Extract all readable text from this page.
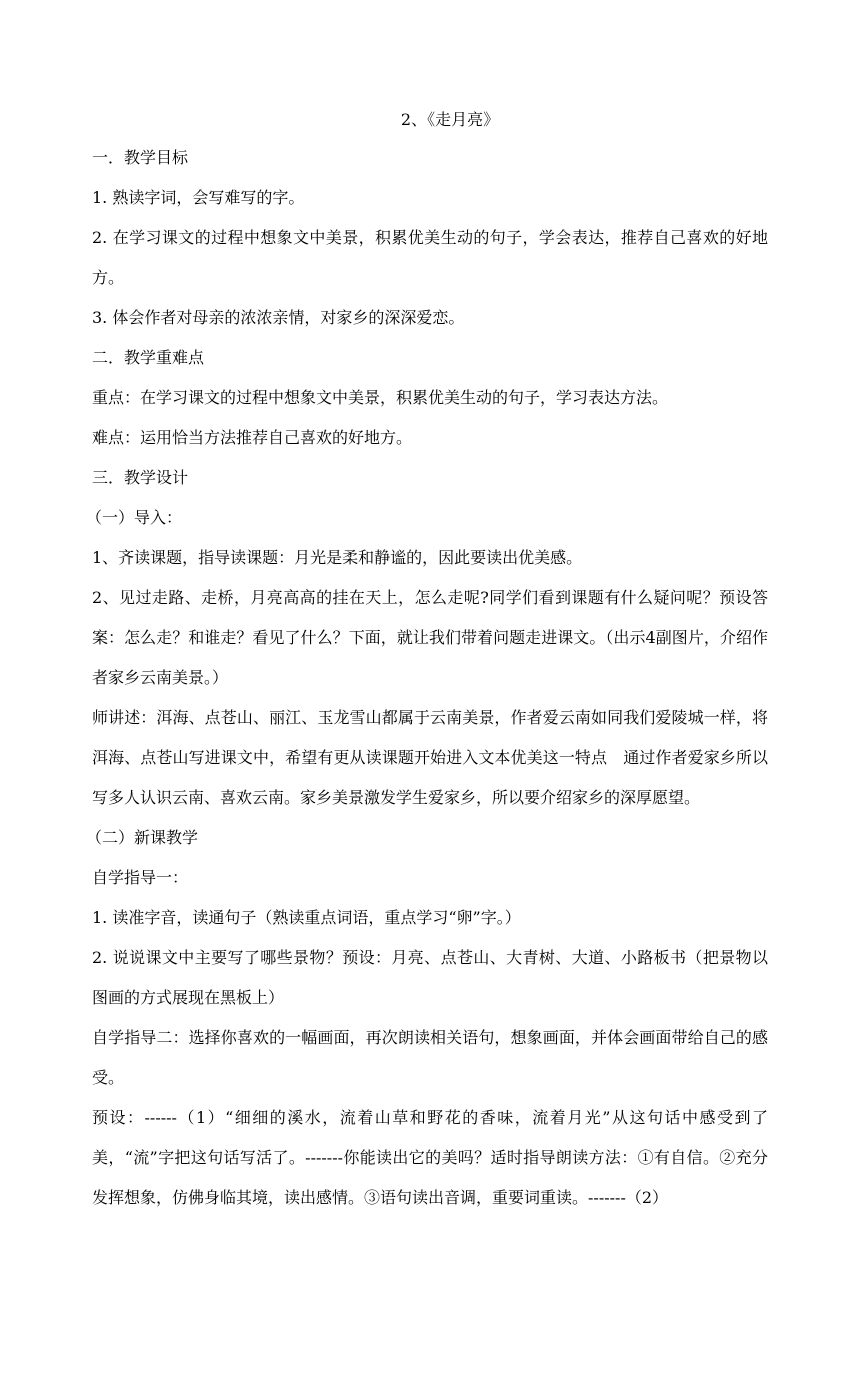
2、《走月亮》
一．教学目标
1. 熟读字词，会写难写的字。
2. 在学习课文的过程中想象文中美景，积累优美生动的句子，学会表达，推荐自己喜欢的好地方。
3. 体会作者对母亲的浓浓亲情，对家乡的深深爱恋。
二．教学重难点
重点：在学习课文的过程中想象文中美景，积累优美生动的句子，学习表达方法。
难点：运用恰当方法推荐自己喜欢的好地方。
三．教学设计
（一）导入：
1、齐读课题，指导读课题：月光是柔和静谧的，因此要读出优美感。
2、见过走路、走桥，月亮高高的挂在天上，怎么走呢?同学们看到课题有什么疑问呢？预设答案：怎么走？和谁走？看见了什么？下面，就让我们带着问题走进课文。（出示4副图片，介绍作者家乡云南美景。）
师讲述：洱海、点苍山、丽江、玉龙雪山都属于云南美景，作者爱云南如同我们爱陵城一样，将洱海、点苍山写进课文中，希望有更从读课题开始进入文本优美这一特点　通过作者爱家乡所以写多人认识云南、喜欢云南。家乡美景激发学生爱家乡，所以要介绍家乡的深厚愿望。
（二）新课教学
自学指导一：
1. 读准字音，读通句子（熟读重点词语，重点学习“卵”字。）
2. 说说课文中主要写了哪些景物？预设：月亮、点苍山、大青树、大道、小路板书（把景物以图画的方式展现在黑板上）
自学指导二：选择你喜欢的一幅画面，再次朗读相关语句，想象画面，并体会画面带给自己的感受。
预设：------（1）“细细的溪水，流着山草和野花的香味，流着月光”从这句话中感受到了美，“流”字把这句话写活了。-------你能读出它的美吗？适时指导朗读方法：①有自信。②充分发挥想象，仿佛身临其境，读出感情。③语句读出音调，重要词重读。-------（2）
